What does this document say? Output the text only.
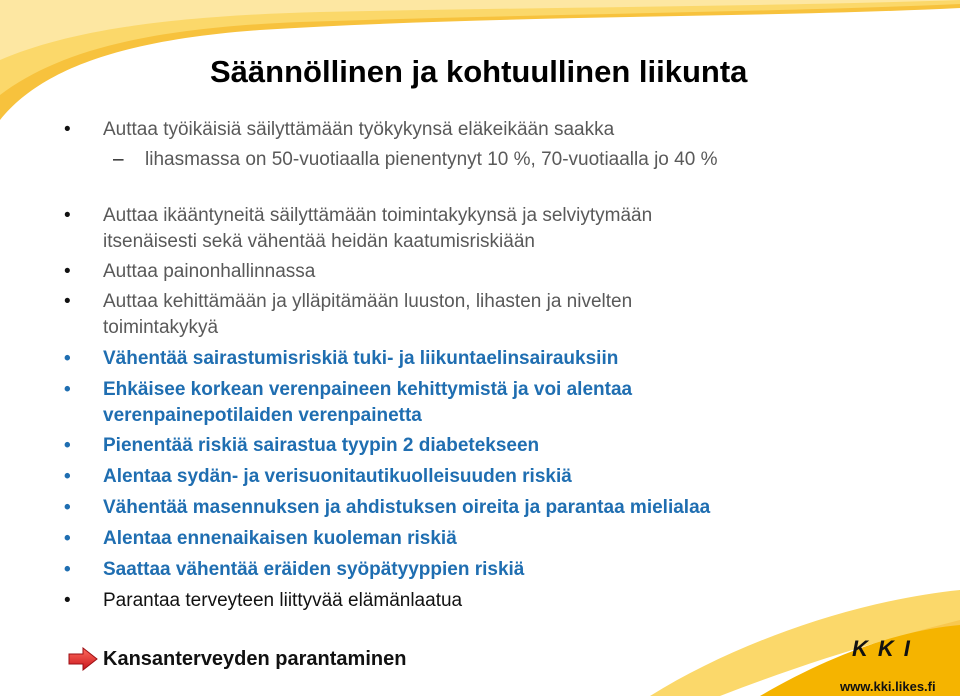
Säännöllinen ja kohtuullinen liikunta
• Auttaa työikäisiä säilyttämään työkykynsä eläkeikään saakka
– lihasmassa on 50-vuotiaalla pienentynyt 10 %, 70-vuotiaalla jo 40 %
• Auttaa ikääntyneitä säilyttämään toimintakykynsä ja selviytymään
itsenäisesti sekä vähentää heidän kaatumisriskiään
• Auttaa painonhallinnassa
• Auttaa kehittämään ja ylläpitämään luuston, lihasten ja nivelten
toimintakykyä
• Vähentää sairastumisriskiä tuki- ja liikuntaelinsairauksiin
• Ehkäisee korkean verenpaineen kehittymistä ja voi alentaa
verenpainepotilaiden verenpainetta
• Pienentää riskiä sairastua tyypin 2 diabetekseen
• Alentaa sydän- ja verisuonitautikuolleisuuden riskiä
• Vähentää masennuksen ja ahdistuksen oireita ja parantaa mielialaa
• Alentaa ennenaikaisen kuoleman riskiä
• Saattaa vähentää eräiden syöpätyyppien riskiä
• Parantaa terveyteen liittyvää elämänlaatua
Kansanterveyden parantaminen	KKI
www.kki.likes.fi
